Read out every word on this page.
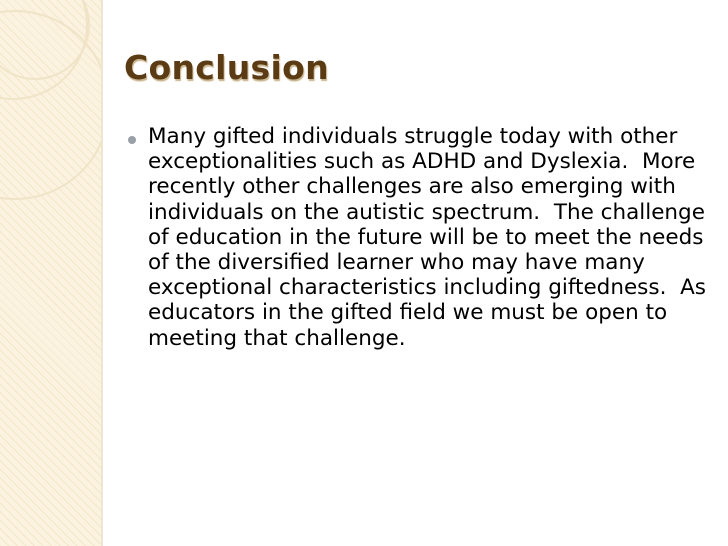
Conclusion

Many gifted individuals struggle today with other exceptionalities such as ADHD and Dyslexia.  More recently other challenges are also emerging with individuals on the autistic spectrum.  The challenge of education in the future will be to meet the needs of the diversified learner who may have many exceptional characteristics including giftedness.  As educators in the gifted field we must be open to meeting that challenge.
